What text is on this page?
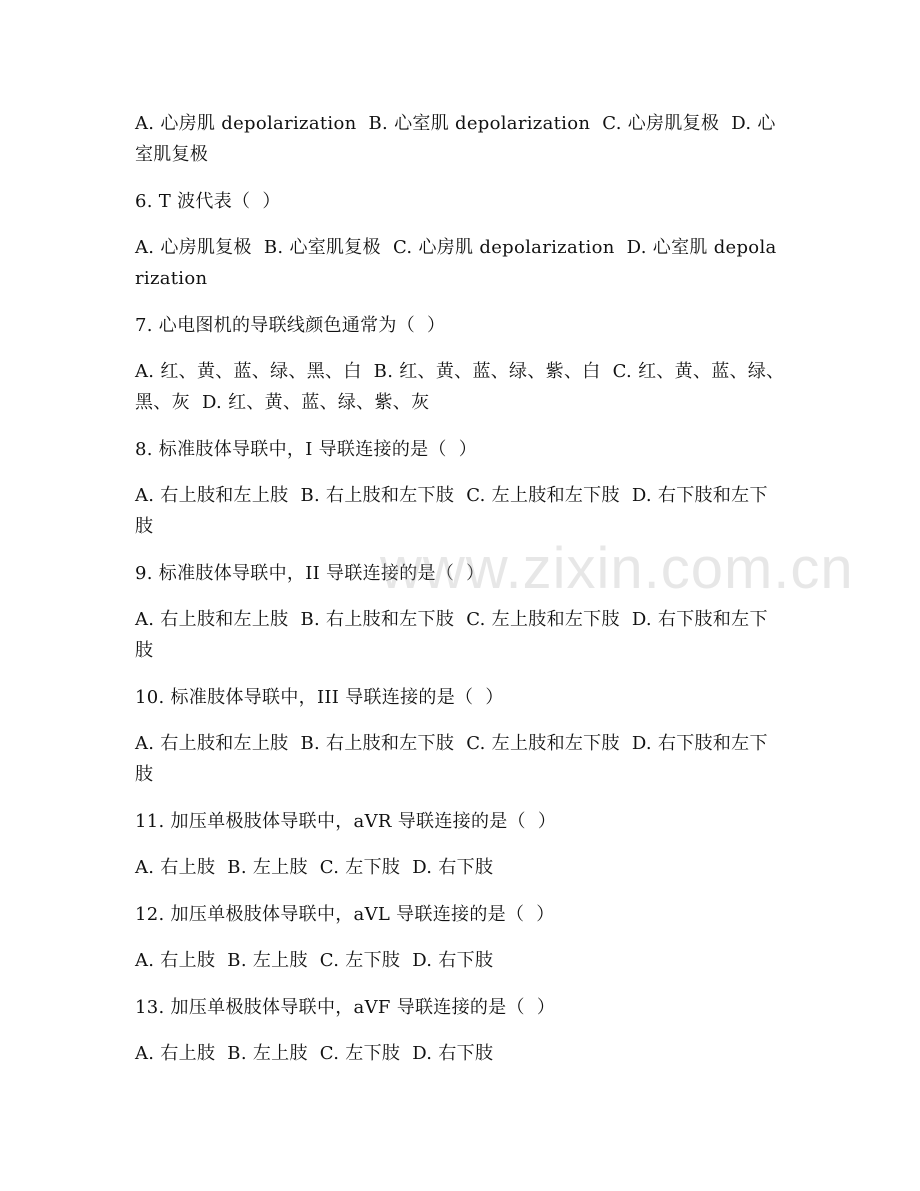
A. 心房肌 depolarization  B. 心室肌 depolarization  C. 心房肌复极  D. 心室肌复极

6. T 波代表（  ）

A. 心房肌复极  B. 心室肌复极  C. 心房肌 depolarization  D. 心室肌 depolarization

7. 心电图机的导联线颜色通常为（  ）

A. 红、黄、蓝、绿、黑、白  B. 红、黄、蓝、绿、紫、白  C. 红、黄、蓝、绿、黑、灰  D. 红、黄、蓝、绿、紫、灰

8. 标准肢体导联中，I 导联连接的是（  ）

A. 右上肢和左上肢  B. 右上肢和左下肢  C. 左上肢和左下肢  D. 右下肢和左下肢

9. 标准肢体导联中，II 导联连接的是（  ）

A. 右上肢和左上肢  B. 右上肢和左下肢  C. 左上肢和左下肢  D. 右下肢和左下肢

10. 标准肢体导联中，III 导联连接的是（  ）

A. 右上肢和左上肢  B. 右上肢和左下肢  C. 左上肢和左下肢  D. 右下肢和左下肢

11. 加压单极肢体导联中，aVR 导联连接的是（  ）

A. 右上肢  B. 左上肢  C. 左下肢  D. 右下肢

12. 加压单极肢体导联中，aVL 导联连接的是（  ）

A. 右上肢  B. 左上肢  C. 左下肢  D. 右下肢

13. 加压单极肢体导联中，aVF 导联连接的是（  ）

A. 右上肢  B. 左上肢  C. 左下肢  D. 右下肢

www.zixin.com.cn
